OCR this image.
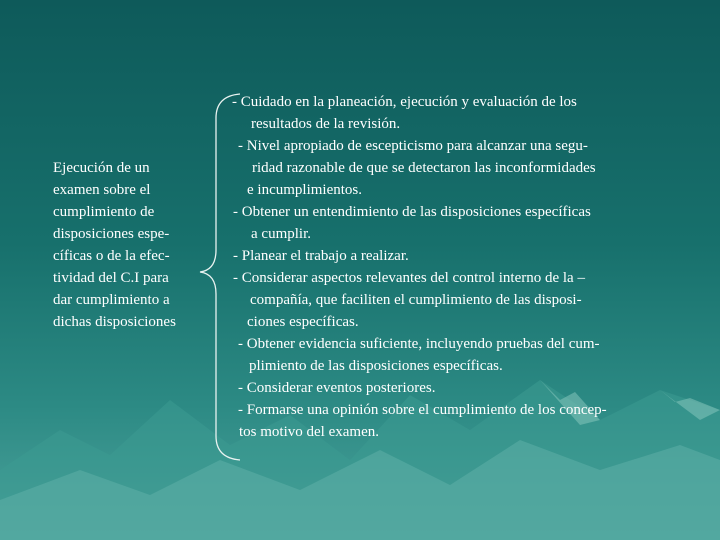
Ejecución de un
examen sobre el
cumplimiento de
disposiciones espe-
cíficas o de la efec-
tividad del C.I para
dar cumplimiento a
dichas disposiciones
- Cuidado en la planeación, ejecución y evaluación de los
resultados de la revisión.
- Nivel apropiado de escepticismo para alcanzar una segu-
ridad razonable de que se detectaron las inconformidades
e incumplimientos.
- Obtener un entendimiento de las disposiciones específicas
a cumplir.
- Planear el trabajo a realizar.
- Considerar aspectos relevantes del control interno de la –
compañía, que faciliten el cumplimiento de las disposi-
ciones específicas.
- Obtener evidencia suficiente, incluyendo pruebas del cum-
plimiento de las disposiciones específicas.
- Considerar eventos posteriores.
- Formarse una opinión sobre el cumplimiento de los concep-
tos motivo del examen.
